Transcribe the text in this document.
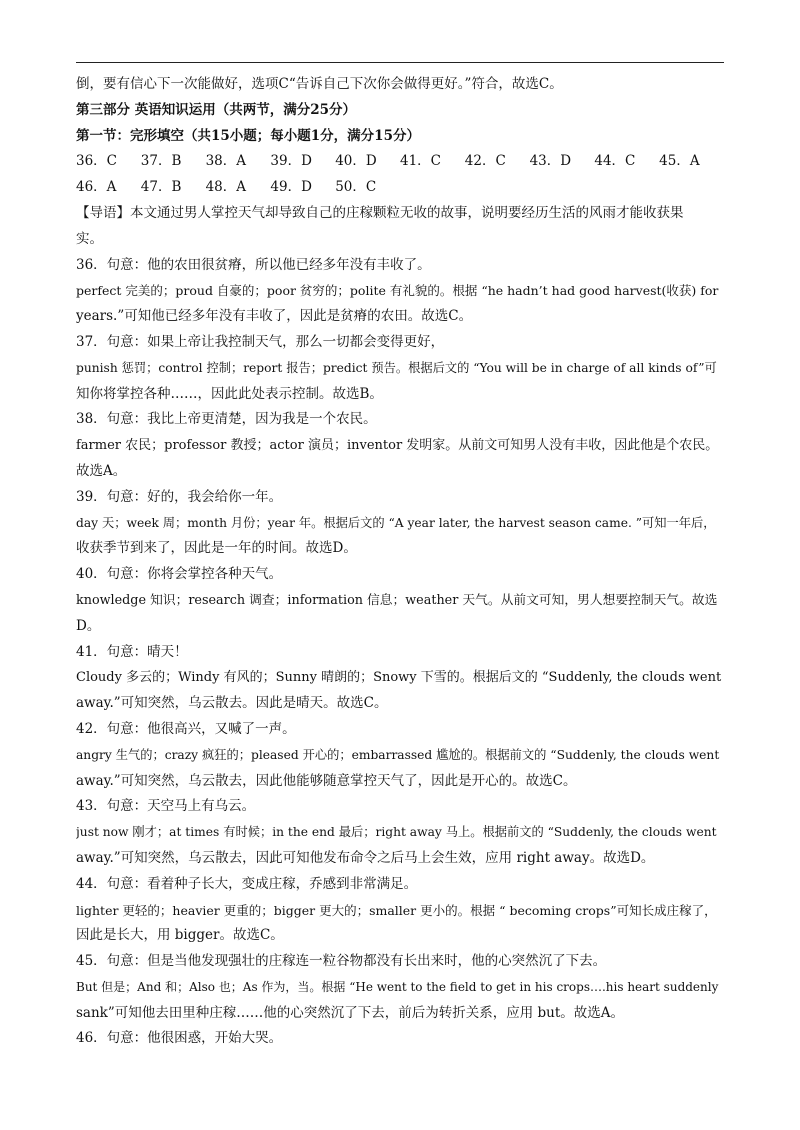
倒，要有信心下一次能做好，选项C“告诉自己下次你会做得更好。”符合，故选C。
第三部分 英语知识运用（共两节，满分25分）
第一节：完形填空（共15小题；每小题1分，满分15分）
36．C	37．B	38．A	39．D	40．D	41．C	42．C	43．D	44．C	45．A
46．A	47．B	48．A	49．D	50．C
【导语】本文通过男人掌控天气却导致自己的庄稼颗粒无收的故事，说明要经历生活的风雨才能收获果
实。
36．句意：他的农田很贫瘠，所以他已经多年没有丰收了。
perfect 完美的；proud 自豪的；poor 贫穷的；polite 有礼貌的。根据 “he hadn’t had good harvest(收获) for
years.”可知他已经多年没有丰收了，因此是贫瘠的农田。故选C。
37．句意：如果上帝让我控制天气，那么一切都会变得更好，
punish 惩罚；control 控制；report 报告；predict 预告。根据后文的 “You will be in charge of all kinds of”可
知你将掌控各种……，因此此处表示控制。故选B。
38．句意：我比上帝更清楚，因为我是一个农民。
farmer 农民；professor 教授；actor 演员；inventor 发明家。从前文可知男人没有丰收，因此他是个农民。
故选A。
39．句意：好的，我会给你一年。
day 天；week 周；month 月份；year 年。根据后文的 “A year later, the harvest season came. ”可知一年后，
收获季节到来了，因此是一年的时间。故选D。
40．句意：你将会掌控各种天气。
knowledge 知识；research 调查；information 信息；weather 天气。从前文可知，男人想要控制天气。故选
D。
41．句意：晴天！
Cloudy 多云的；Windy 有风的；Sunny 晴朗的；Snowy 下雪的。根据后文的 “Suddenly, the clouds went
away.”可知突然，乌云散去。因此是晴天。故选C。
42．句意：他很高兴，又喊了一声。
angry 生气的；crazy 疯狂的；pleased 开心的；embarrassed 尴尬的。根据前文的 “Suddenly, the clouds went
away.”可知突然，乌云散去，因此他能够随意掌控天气了，因此是开心的。故选C。
43．句意：天空马上有乌云。
just now 刚才；at times 有时候；in the end 最后；right away 马上。根据前文的 “Suddenly, the clouds went
away.”可知突然，乌云散去，因此可知他发布命令之后马上会生效，应用 right away。故选D。
44．句意：看着种子长大，变成庄稼，乔感到非常满足。
lighter 更轻的；heavier 更重的；bigger 更大的；smaller 更小的。根据 “ becoming crops”可知长成庄稼了，
因此是长大，用 bigger。故选C。
45．句意：但是当他发现强壮的庄稼连一粒谷物都没有长出来时，他的心突然沉了下去。
But 但是；And 和；Also 也；As 作为，当。根据 “He went to the field to get in his crops….his heart suddenly
sank”可知他去田里种庄稼……他的心突然沉了下去，前后为转折关系，应用 but。故选A。
46．句意：他很困惑，开始大哭。
